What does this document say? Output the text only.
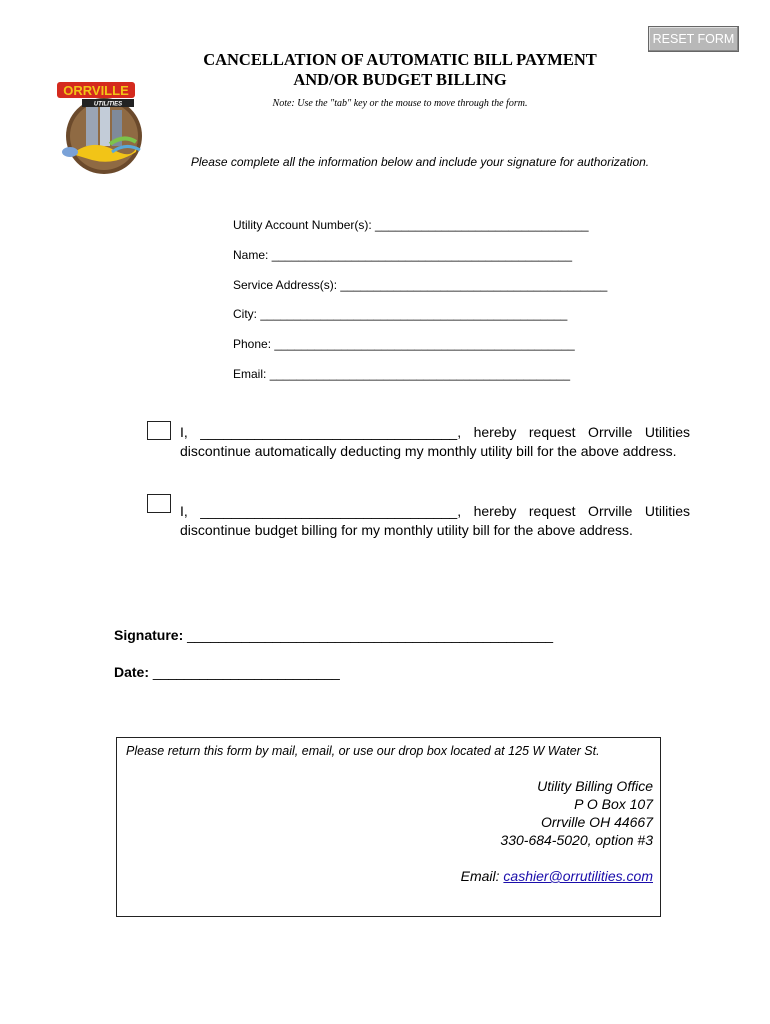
RESET FORM
CANCELLATION OF AUTOMATIC BILL PAYMENT
AND/OR BUDGET BILLING
Note: Use the "tab" key or the mouse to move through the form.
ORRVILLE
UTILITIES
Please complete all the information below and include your signature for authorization.
Utility Account Number(s): ________________________________
Name: _____________________________________________
Service Address(s): ________________________________________
City: ______________________________________________
Phone: _____________________________________________
Email: _____________________________________________
I, _________________________________, hereby request Orrville Utilities discontinue automatically deducting my monthly utility bill for the above address.
I, _________________________________, hereby request Orrville Utilities discontinue budget billing for my monthly utility bill for the above address.
Signature: _______________________________________________
Date: ________________________
Please return this form by mail, email, or use our drop box located at 125 W Water St.
Utility Billing Office
P O Box 107
Orrville OH 44667
330-684-5020, option #3
Email: cashier@orrutilities.com
